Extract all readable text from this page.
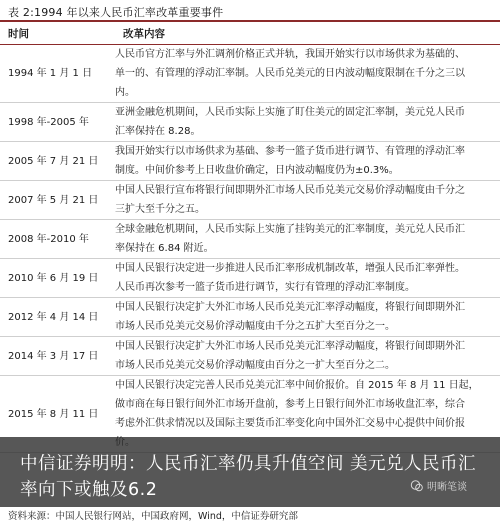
表 2:1994 年以来人民币汇率改革重要事件
时间	改革内容
1994 年 1 月 1 日
人民币官方汇率与外汇调剂价格正式并轨，我国开始实行以市场供求为基础的、
单一的、有管理的浮动汇率制。人民币兑美元的日内波动幅度限制在千分之三以
内。
1998 年-2005 年
亚洲金融危机期间，人民币实际上实施了盯住美元的固定汇率制，美元兑人民币
汇率保持在 8.28。
2005 年 7 月 21 日
我国开始实行以市场供求为基础、参考一篮子货币进行调节、有管理的浮动汇率
制度。中间价参考上日收盘价确定，日内波动幅度仍为±0.3%。
2007 年 5 月 21 日
中国人民银行宣布将银行间即期外汇市场人民币兑美元交易价浮动幅度由千分之
三扩大至千分之五。
2008 年-2010 年
全球金融危机期间，人民币实际上实施了挂钩美元的汇率制度，美元兑人民币汇
率保持在 6.84 附近。
2010 年 6 月 19 日
中国人民银行决定进一步推进人民币汇率形成机制改革，增强人民币汇率弹性。
人民币再次参考一篮子货币进行调节，实行有管理的浮动汇率制度。
2012 年 4 月 14 日
中国人民银行决定扩大外汇市场人民币兑美元汇率浮动幅度，将银行间即期外汇
市场人民币兑美元交易价浮动幅度由千分之五扩大至百分之一。
2014 年 3 月 17 日
中国人民银行决定扩大外汇市场人民币兑美元汇率浮动幅度，将银行间即期外汇
市场人民币兑美元交易价浮动幅度由百分之一扩大至百分之二。
2015 年 8 月 11 日
中国人民银行决定完善人民币兑美元汇率中间价报价。自 2015 年 8 月 11 日起，
做市商在每日银行间外汇市场开盘前，参考上日银行间外汇市场收盘汇率，综合
考虑外汇供求情况以及国际主要货币汇率变化向中国外汇交易中心提供中间价报
中信证券明明：人民币汇率仍具升值空间 美元兑人民币汇率向下或触及6.2	明晰笔谈
资料来源：中国人民银行网站，中国政府网，Wind，中信证券研究部
